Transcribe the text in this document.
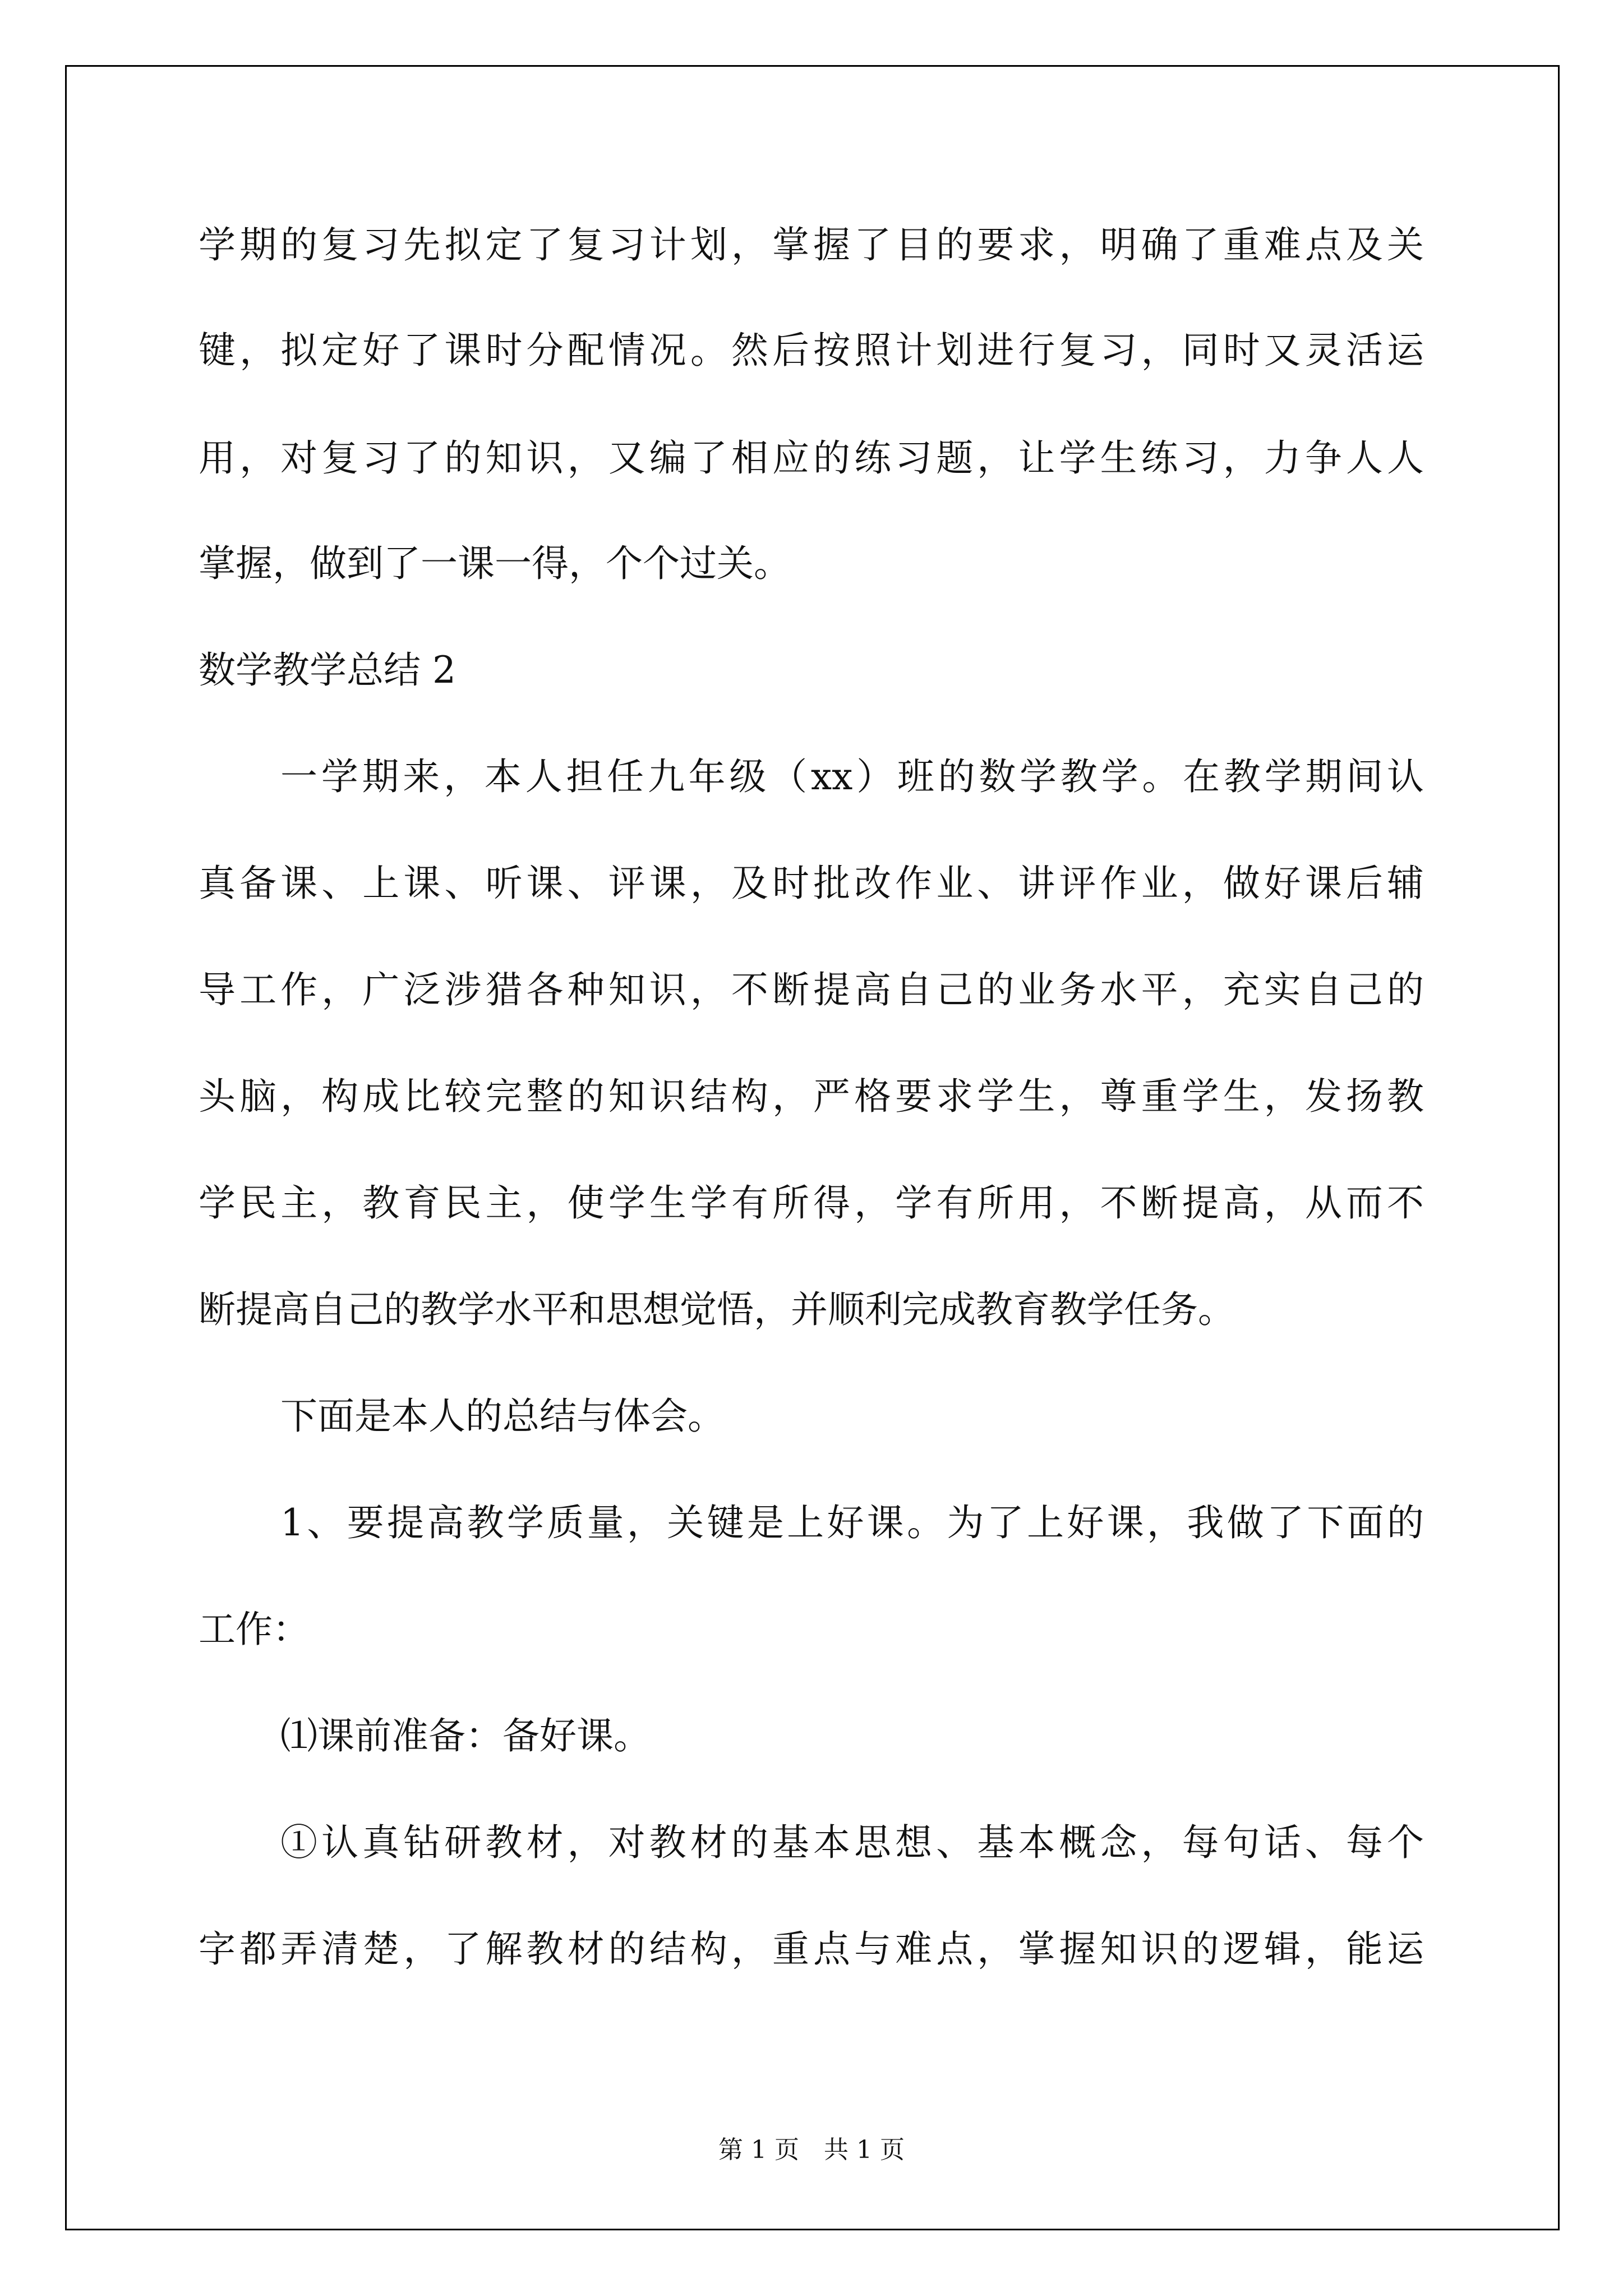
学期的复习先拟定了复习计划，掌握了目的要求，明确了重难点及关
键，拟定好了课时分配情况。然后按照计划进行复习，同时又灵活运
用，对复习了的知识，又编了相应的练习题，让学生练习，力争人人
掌握，做到了一课一得，个个过关。
数学教学总结 2
一学期来，本人担任九年级（xx）班的数学教学。在教学期间认
真备课、上课、听课、评课，及时批改作业、讲评作业，做好课后辅
导工作，广泛涉猎各种知识，不断提高自己的业务水平，充实自己的
头脑，构成比较完整的知识结构，严格要求学生，尊重学生，发扬教
学民主，教育民主，使学生学有所得，学有所用，不断提高，从而不
断提高自己的教学水平和思想觉悟，并顺利完成教育教学任务。
下面是本人的总结与体会。
1、要提高教学质量，关键是上好课。为了上好课，我做了下面的
工作：
⑴课前准备：备好课。
①认真钻研教材，对教材的基本思想、基本概念，每句话、每个
字都弄清楚，了解教材的结构，重点与难点，掌握知识的逻辑，能运
第 1 页　共 1 页
